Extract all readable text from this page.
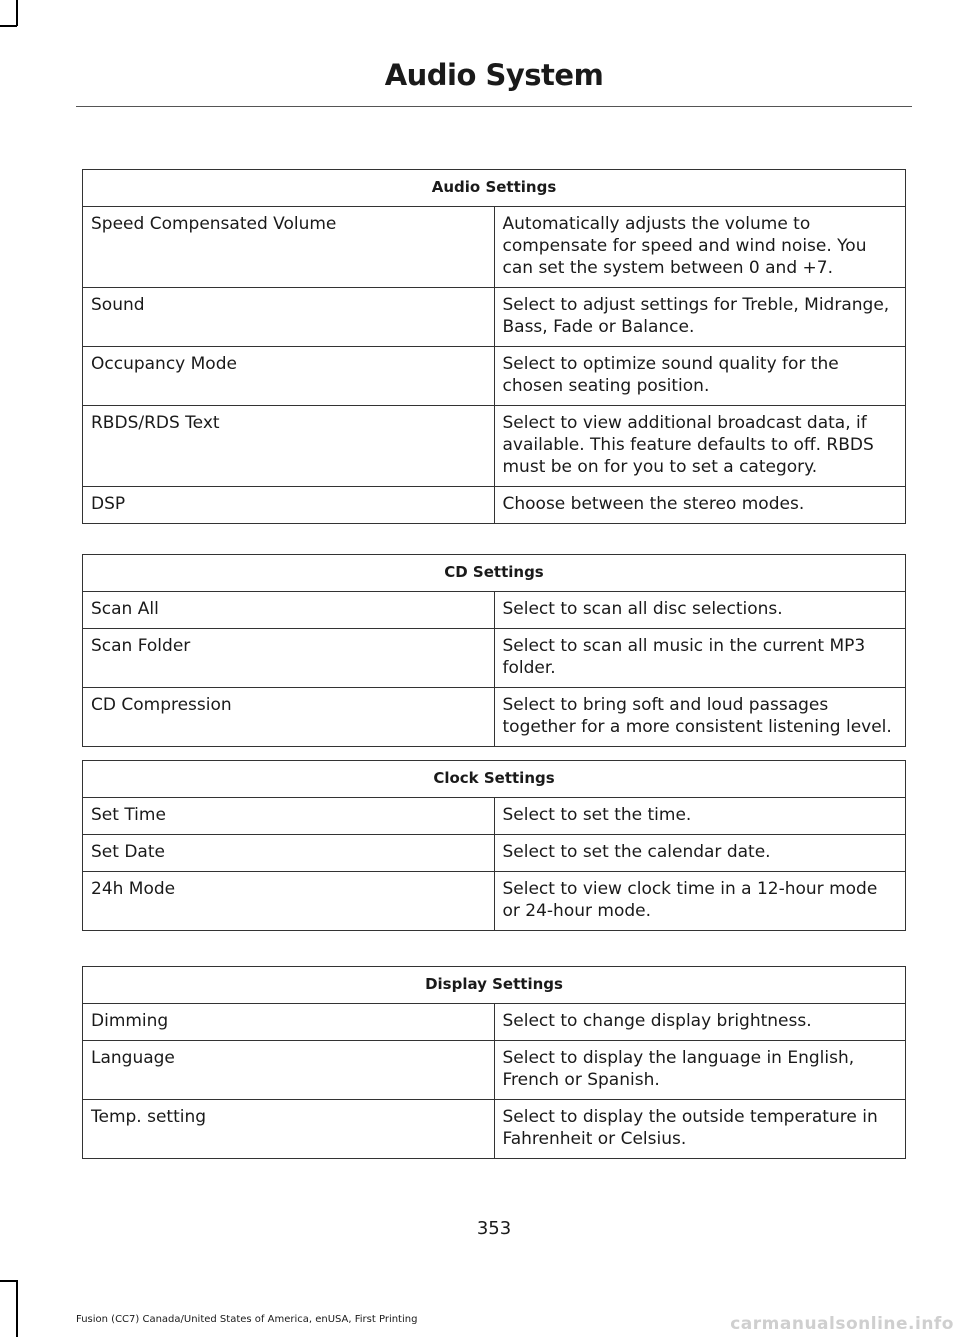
Audio System
Audio Settings	
Speed Compensated Volume	Automatically adjusts the volume to compensate for speed and wind noise. You can set the system between 0 and +7.
Sound	Select to adjust settings for Treble, Midrange, Bass, Fade or Balance.
Occupancy Mode	Select to optimize sound quality for the chosen seating position.
RBDS/RDS Text	Select to view additional broadcast data, if available. This feature defaults to off. RBDS must be on for you to set a category.
DSP	Choose between the stereo modes.
CD Settings	
Scan All	Select to scan all disc selections.
Scan Folder	Select to scan all music in the current MP3 folder.
CD Compression	Select to bring soft and loud passages together for a more consistent listening level.
Clock Settings	
Set Time	Select to set the time.
Set Date	Select to set the calendar date.
24h Mode	Select to view clock time in a 12-hour mode or 24-hour mode.
Display Settings	
Dimming	Select to change display brightness.
Language	Select to display the language in English, French or Spanish.
Temp. setting	Select to display the outside temperature in Fahrenheit or Celsius.
353
Fusion (CC7) Canada/United States of America, enUSA, First Printing	carmanualsonline.info
